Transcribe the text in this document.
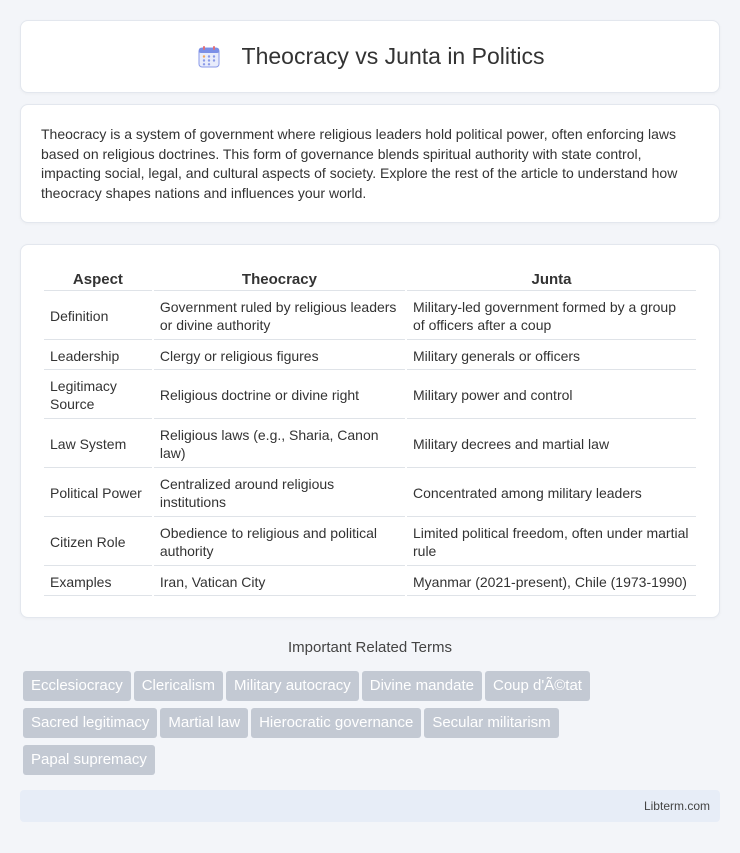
Theocracy vs Junta in Politics

Theocracy is a system of government where religious leaders hold political power, often enforcing laws based on religious doctrines. This form of governance blends spiritual authority with state control, impacting social, legal, and cultural aspects of society. Explore the rest of the article to understand how theocracy shapes nations and influences your world.

Aspect	Theocracy	Junta
Definition	Government ruled by religious leaders or divine authority	Military-led government formed by a group of officers after a coup
Leadership	Clergy or religious figures	Military generals or officers
Legitimacy Source	Religious doctrine or divine right	Military power and control
Law System	Religious laws (e.g., Sharia, Canon law)	Military decrees and martial law
Political Power	Centralized around religious institutions	Concentrated among military leaders
Citizen Role	Obedience to religious and political authority	Limited political freedom, often under martial rule
Examples	Iran, Vatican City	Myanmar (2021-present), Chile (1973-1990)
Important Related Terms
Ecclesiocracy Clericalism Military autocracy Divine mandate Coup d'Ã©tat
Sacred legitimacy Martial law Hierocratic governance Secular militarism
Papal supremacy
Libterm.com
